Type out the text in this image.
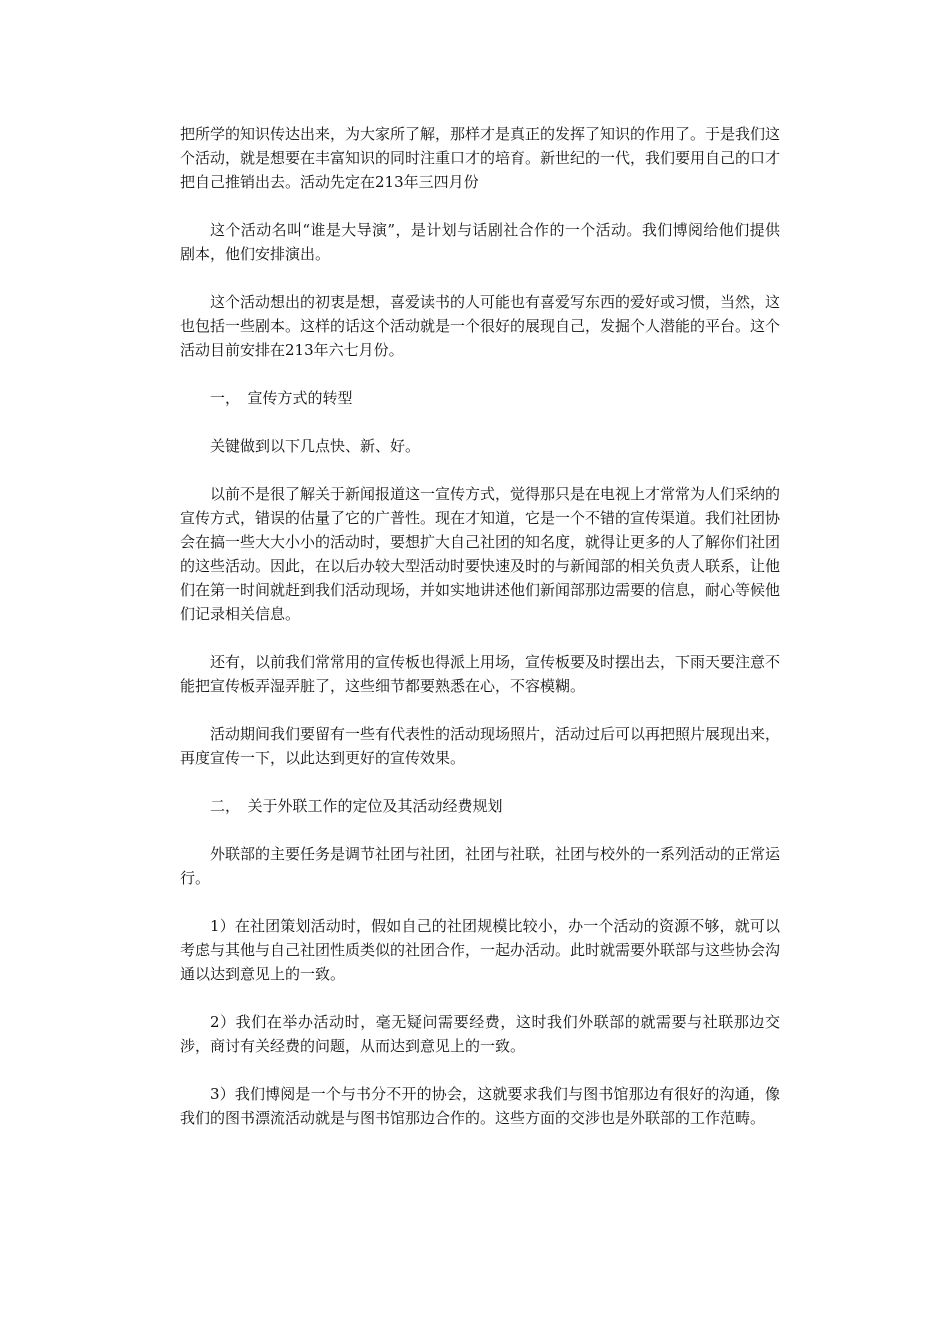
把所学的知识传达出来，为大家所了解，那样才是真正的发挥了知识的作用了。于是我们这个活动，就是想要在丰富知识的同时注重口才的培育。新世纪的一代，我们要用自己的口才把自己推销出去。活动先定在213年三四月份

这个活动名叫“谁是大导演”，是计划与话剧社合作的一个活动。我们博阅给他们提供剧本，他们安排演出。

这个活动想出的初衷是想，喜爱读书的人可能也有喜爱写东西的爱好或习惯，当然，这也包括一些剧本。这样的话这个活动就是一个很好的展现自己，发掘个人潜能的平台。这个活动目前安排在213年六七月份。

一，　宣传方式的转型

关键做到以下几点快、新、好。

以前不是很了解关于新闻报道这一宣传方式，觉得那只是在电视上才常常为人们采纳的宣传方式，错误的估量了它的广普性。现在才知道，它是一个不错的宣传渠道。我们社团协会在搞一些大大小小的活动时，要想扩大自己社团的知名度，就得让更多的人了解你们社团的这些活动。因此，在以后办较大型活动时要快速及时的与新闻部的相关负责人联系，让他们在第一时间就赶到我们活动现场，并如实地讲述他们新闻部那边需要的信息，耐心等候他们记录相关信息。

还有，以前我们常常用的宣传板也得派上用场，宣传板要及时摆出去，下雨天要注意不能把宣传板弄湿弄脏了，这些细节都要熟悉在心，不容模糊。

活动期间我们要留有一些有代表性的活动现场照片，活动过后可以再把照片展现出来，再度宣传一下，以此达到更好的宣传效果。

二，　关于外联工作的定位及其活动经费规划

外联部的主要任务是调节社团与社团，社团与社联，社团与校外的一系列活动的正常运行。

1）在社团策划活动时，假如自己的社团规模比较小，办一个活动的资源不够，就可以考虑与其他与自己社团性质类似的社团合作，一起办活动。此时就需要外联部与这些协会沟通以达到意见上的一致。

2）我们在举办活动时，毫无疑问需要经费，这时我们外联部的就需要与社联那边交涉，商讨有关经费的问题，从而达到意见上的一致。

3）我们博阅是一个与书分不开的协会，这就要求我们与图书馆那边有很好的沟通，像我们的图书漂流活动就是与图书馆那边合作的。这些方面的交涉也是外联部的工作范畴。
